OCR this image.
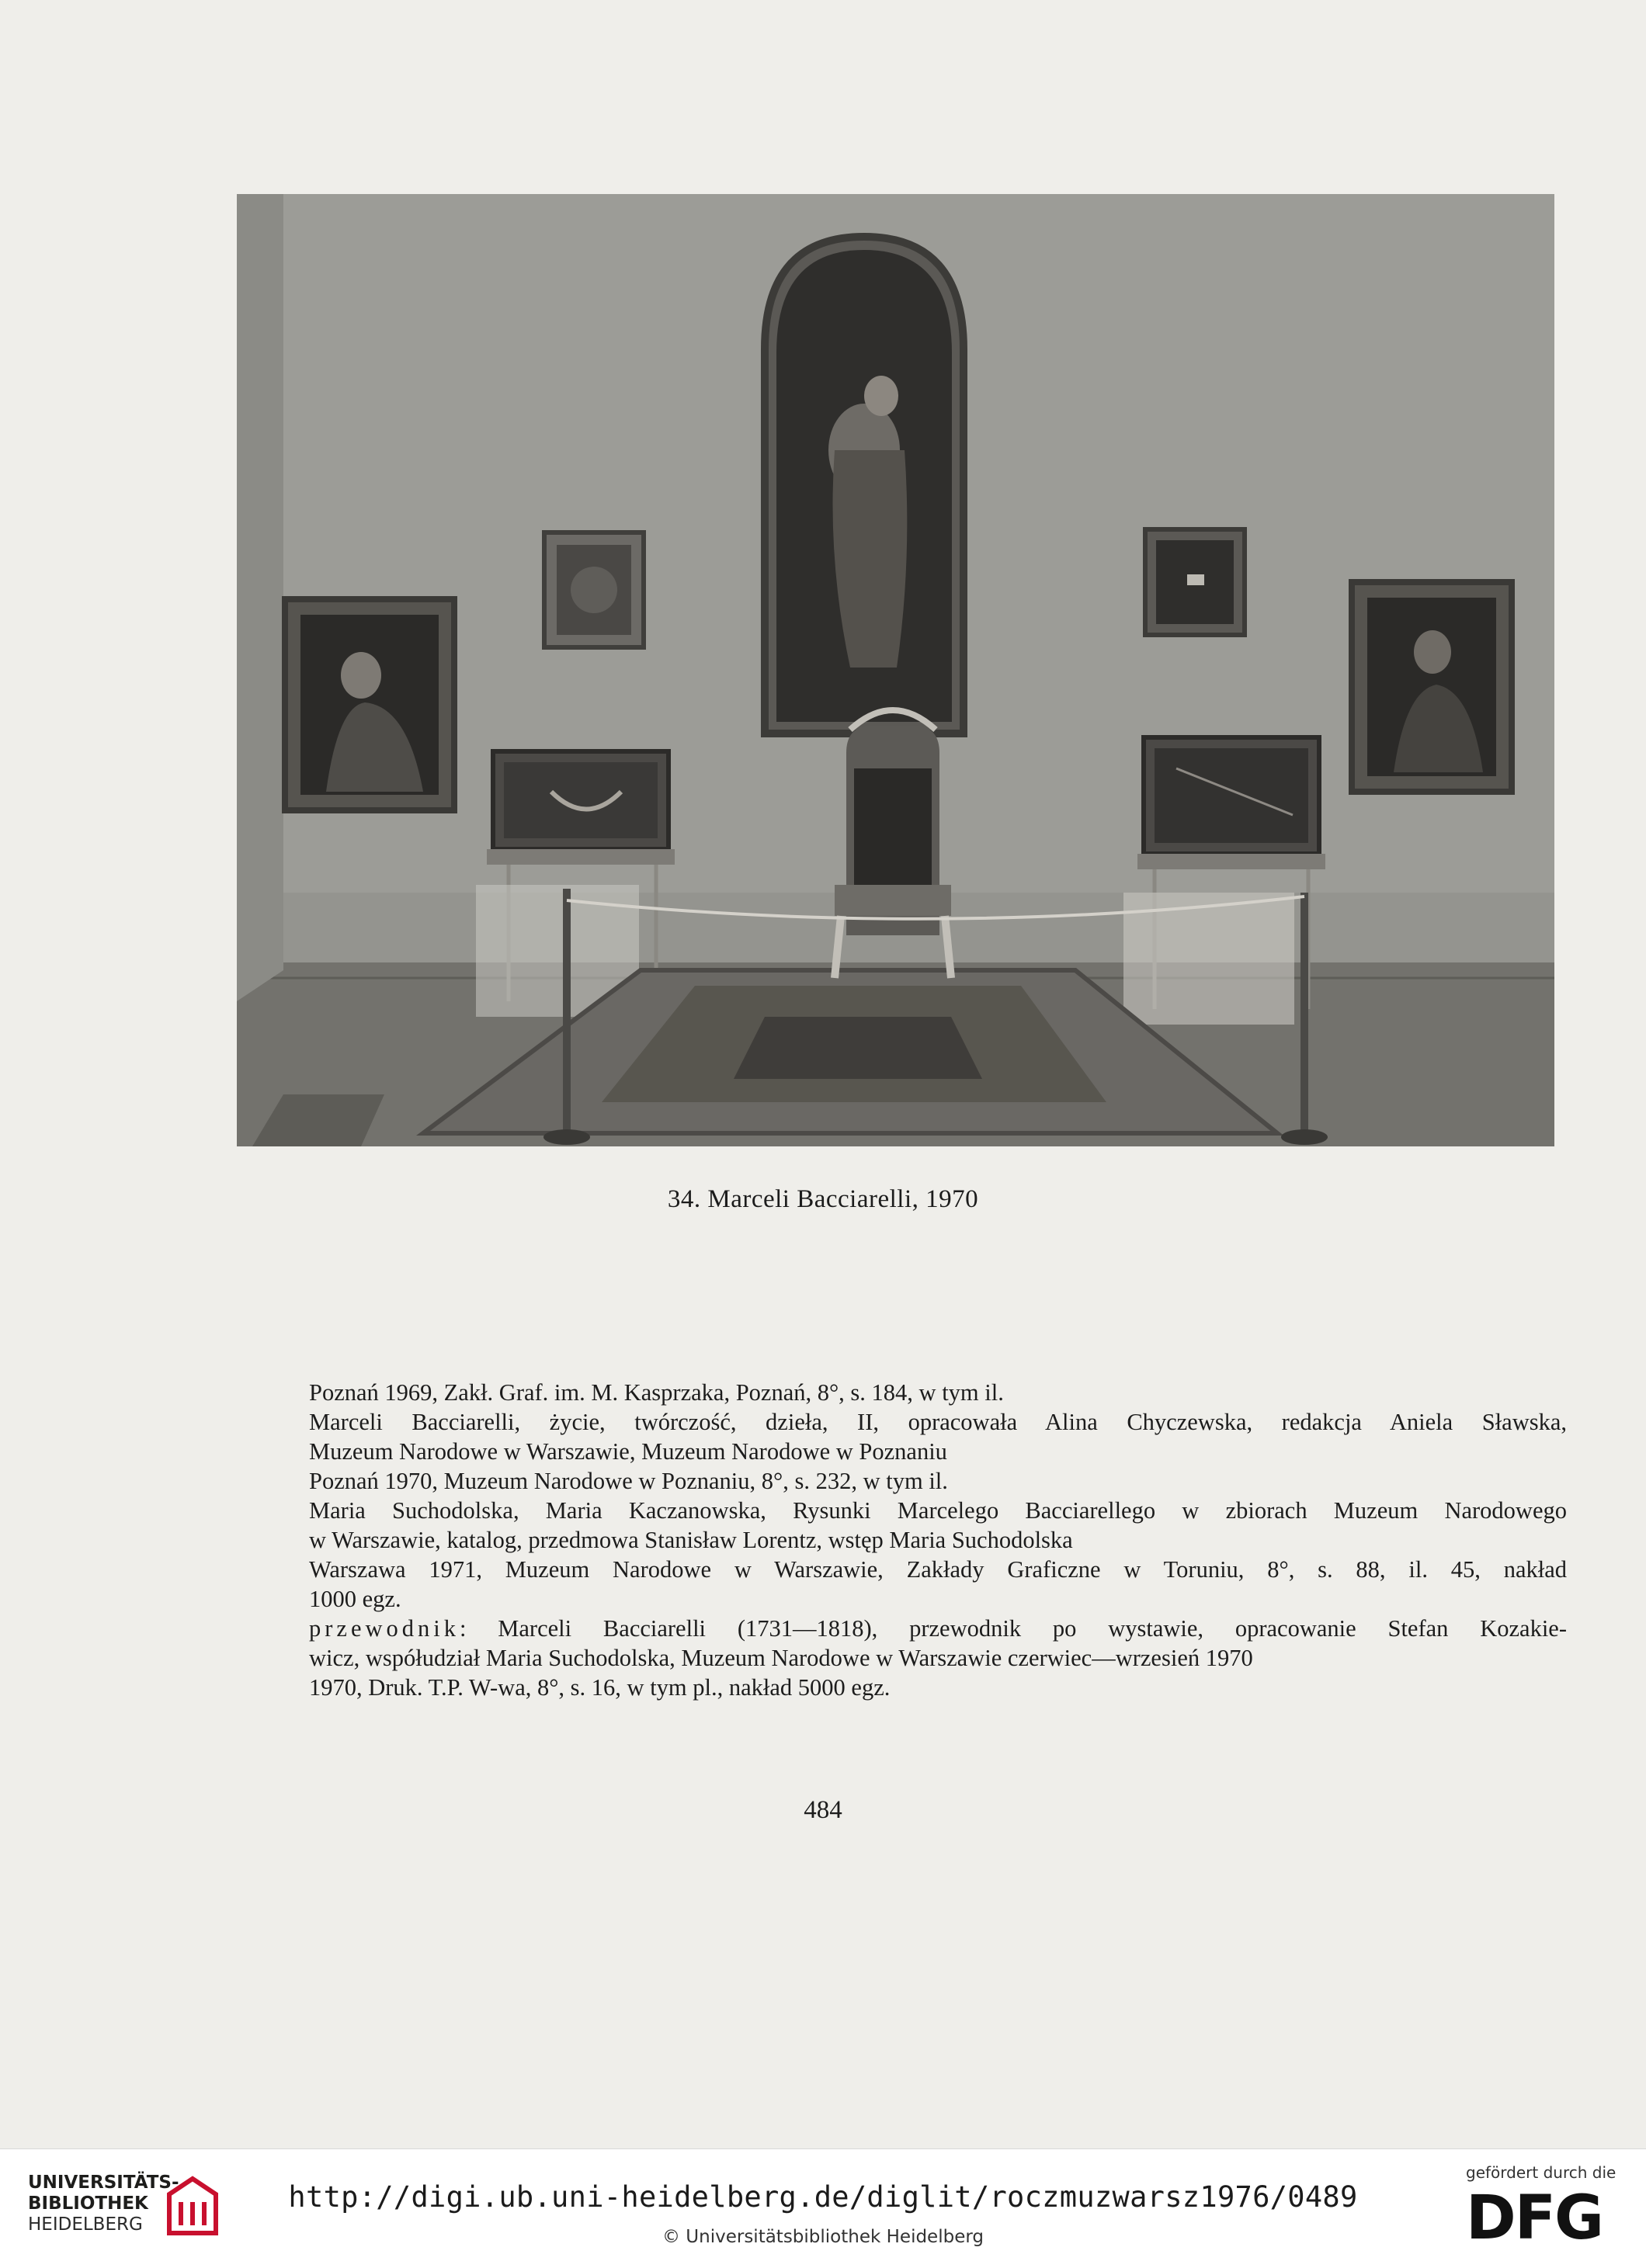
34. Marceli Bacciarelli, 1970

Poznań 1969, Zakł. Graf. im. M. Kasprzaka, Poznań, 8°, s. 184, w tym il.

Marceli Bacciarelli, życie, twórczość, dzieła, II, opracowała Alina Chyczewska, redakcja Aniela Sławska,

Muzeum Narodowe w Warszawie, Muzeum Narodowe w Poznaniu

Poznań 1970, Muzeum Narodowe w Poznaniu, 8°, s. 232, w tym il.

Maria Suchodolska, Maria Kaczanowska, Rysunki Marcelego Bacciarellego w zbiorach Muzeum Narodowego

w Warszawie, katalog, przedmowa Stanisław Lorentz, wstęp Maria Suchodolska

Warszawa 1971, Muzeum Narodowe w Warszawie, Zakłady Graficzne w Toruniu, 8°, s. 88, il. 45, nakład

1000 egz.

przewodnik: Marceli Bacciarelli (1731—1818), przewodnik po wystawie, opracowanie Stefan Kozakie-

wicz, współudział Maria Suchodolska, Muzeum Narodowe w Warszawie czerwiec—wrzesień 1970

1970, Druk. T.P. W-wa, 8°, s. 16, w tym pl., nakład 5000 egz.

484
UNIVERSITÄTS-
BIBLIOTHEK
HEIDELBERG
http://digi.ub.uni-heidelberg.de/diglit/roczmuzwarsz1976/0489
© Universitätsbibliothek Heidelberg
gefördert durch die
DFG
